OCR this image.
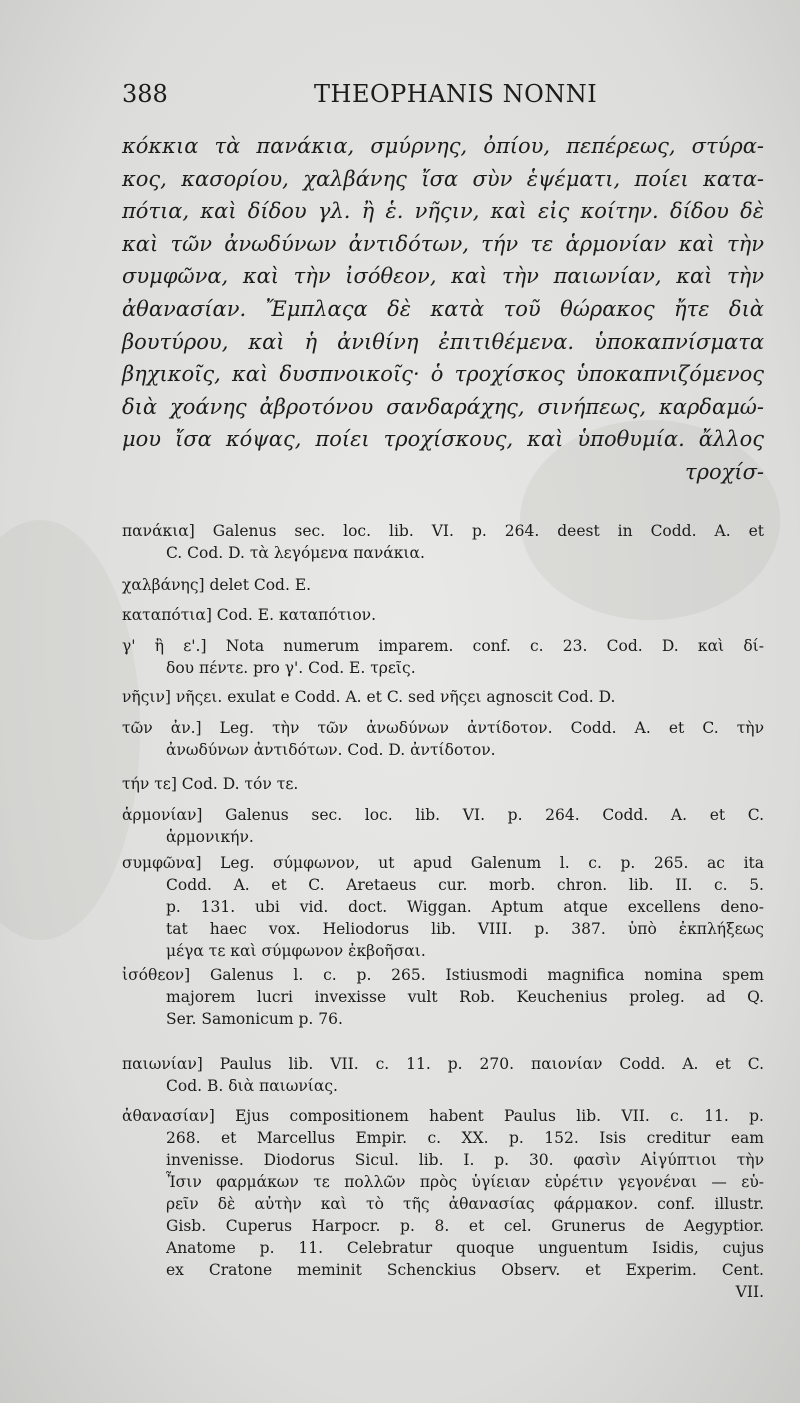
388	THEOPHANIS NONNI
κόκκια τὰ πανάκια, σμύρνης, ὀπίου, πεπέρεως, στύρα-
κος, κασορίου, χαλβάνης ἴσα σὺν ἑψέματι, ποίει κατα-
πότια, καὶ δίδου γλ. ἢ ἑ. νῆςιν, καὶ εἰς κοίτην. δίδου δὲ
καὶ τῶν ἀνωδύνων ἀντιδότων, τήν τε ἁρμονίαν καὶ τὴν
συμφῶνα, καὶ τὴν ἰσόθεον, καὶ τὴν παιωνίαν, καὶ τὴν
ἀθανασίαν. Ἔμπλαςα δὲ κατὰ τοῦ θώρακος ἤτε διὰ
βουτύρου, καὶ ἡ ἀνιθίνη ἐπιτιθέμενα. ὑποκαπνίσματα
βηχικοῖς, καὶ δυσπνοικοῖς· ὁ τροχίσκος ὑποκαπνιζόμενος
διὰ χοάνης ἀβροτόνου σανδαράχης, σινήπεως, καρδαμώ-
μου ἴσα κόψας, ποίει τροχίσκους, καὶ ὑποθυμία. ἄλλος
τροχίσ-
πανάκια] Galenus sec. loc. lib. VI. p. 264. deest in Codd. A. et
C. Cod. D. τὰ λεγόμενα πανάκια.
χαλβάνης] delet Cod. E.
καταπότια] Cod. E. καταπότιον.
γ' ἢ ε'.] Nota numerum imparem. conf. c. 23. Cod. D. καὶ δί-
δου πέντε. pro γ'. Cod. E. τρεῖς.
νῆςιν] νῆςει. exulat e Codd. A. et C. sed νῆςει agnoscit Cod. D.
τῶν ἀν.] Leg. τὴν τῶν ἀνωδύνων ἀντίδοτον. Codd. A. et C. τὴν
ἀνωδύνων ἀντιδότων. Cod. D. ἀντίδοτον.
τήν τε] Cod. D. τόν τε.
ἁρμονίαν] Galenus sec. loc. lib. VI. p. 264. Codd. A. et C.
ἁρμονικήν.
συμφῶνα] Leg. σύμφωνον, ut apud Galenum l. c. p. 265. ac ita
Codd. A. et C. Aretaeus cur. morb. chron. lib. II. c. 5.
p. 131. ubi vid. doct. Wiggan. Aptum atque excellens deno-
tat haec vox. Heliodorus lib. VIII. p. 387. ὑπὸ ἐκπλήξεως
μέγα τε καὶ σύμφωνον ἐκβοῆσαι.
ἰσόθεον] Galenus l. c. p. 265. Istiusmodi magnifica nomina spem
majorem lucri invexisse vult Rob. Keuchenius proleg. ad Q.
Ser. Samonicum p. 76.
παιωνίαν] Paulus lib. VII. c. 11. p. 270. παιονίαν Codd. A. et C.
Cod. B. διὰ παιωνίας.
ἀθανασίαν] Ejus compositionem habent Paulus lib. VII. c. 11. p.
268. et Marcellus Empir. c. XX. p. 152. Isis creditur eam
invenisse. Diodorus Sicul. lib. I. p. 30. φασὶν Αἰγύπτιοι τὴν
Ἶσιν φαρμάκων τε πολλῶν πρὸς ὑγίειαν εὑρέτιν γεγονέναι — εὑ-
ρεῖν δὲ αὐτὴν καὶ τὸ τῆς ἀθανασίας φάρμακον. conf. illustr.
Gisb. Cuperus Harpocr. p. 8. et cel. Grunerus de Aegyptior.
Anatome p. 11. Celebratur quoque unguentum Isidis, cujus
ex Cratone meminit Schenckius Observ. et Experim. Cent.
VII.
